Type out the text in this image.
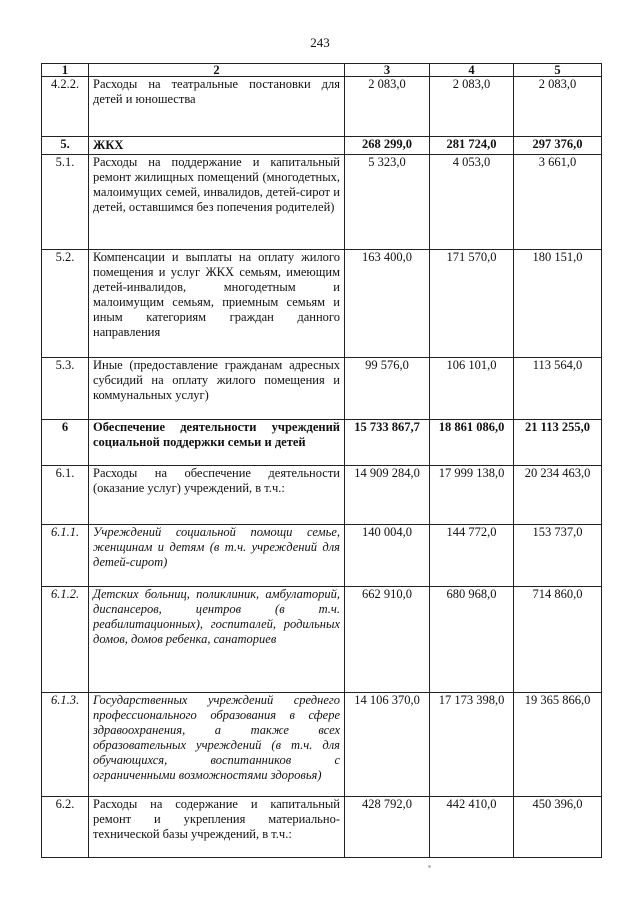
243
1	2	3	4	5
4.2.2.	Расходы на театральные постановки для детей и юношества	2 083,0	2 083,0	2 083,0
5.	ЖКХ	268 299,0	281 724,0	297 376,0
5.1.	Расходы на поддержание и капитальный ремонт жилищных помещений (многодетных, малоимущих семей, инвалидов, детей-сирот и детей, оставшимся без попечения родителей)	5 323,0	4 053,0	3 661,0
5.2.	Компенсации и выплаты на оплату жилого помещения и услуг ЖКХ семьям, имеющим детей-инвалидов, многодетным и малоимущим семьям, приемным семьям и иным категориям граждан данного направления	163 400,0	171 570,0	180 151,0
5.3.	Иные (предоставление гражданам адресных субсидий на оплату жилого помещения и коммунальных услуг)	99 576,0	106 101,0	113 564,0
6	Обеспечение деятельности учреждений социальной поддержки семьи и детей	15 733 867,7	18 861 086,0	21 113 255,0
6.1.	Расходы на обеспечение деятельности (оказание услуг) учреждений, в т.ч.:	14 909 284,0	17 999 138,0	20 234 463,0
6.1.1.	Учреждений социальной помощи семье, женщинам и детям (в т.ч. учреждений для детей-сирот)	140 004,0	144 772,0	153 737,0
6.1.2.	Детских больниц, поликлиник, амбулаторий, диспансеров, центров (в т.ч. реабилитационных), госпиталей, родильных домов, домов ребенка, санаториев	662 910,0	680 968,0	714 860,0
6.1.3.	Государственных учреждений среднего профессионального образования в сфере здравоохранения, а также всех образовательных учреждений (в т.ч. для обучающихся, воспитанников с ограниченными возможностями здоровья)	14 106 370,0	17 173 398,0	19 365 866,0
6.2.	Расходы на содержание и капитальный ремонт и укрепления материально-технической базы учреждений, в т.ч.:	428 792,0	442 410,0	450 396,0
